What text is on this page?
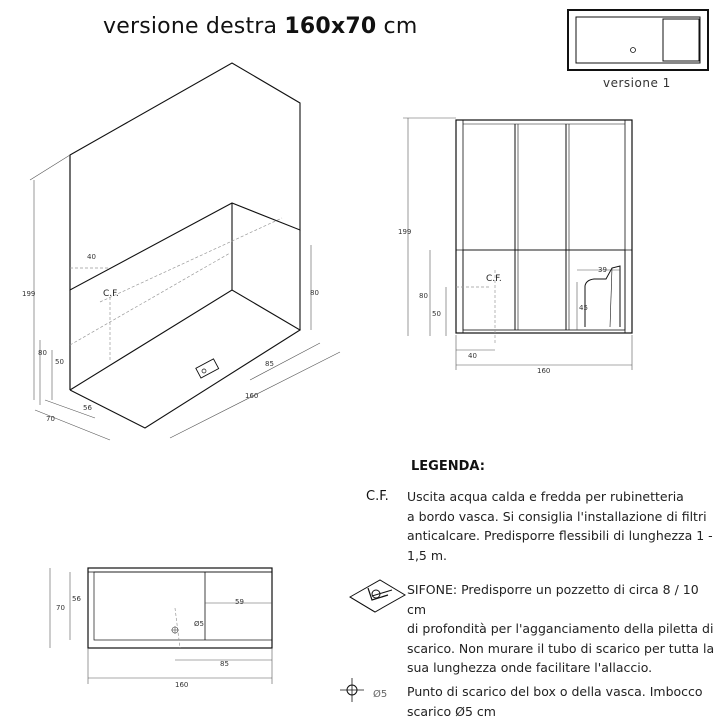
versione destra 160x70 cm
199
80
50
40
56
70
85
160
80
C.F.
199
80
50
40
160
39
45
C.F.
70
56	59
Ø5
85
160
Ø5
versione 1
LEGENDA:
C.F. Uscita acqua calda e fredda per rubinetteria
a bordo vasca. Si consiglia l'installazione di filtri
anticalcare. Predisporre flessibili di lunghezza 1 -
1,5 m.
SIFONE: Predisporre un pozzetto di circa 8 / 10 cm
di profondità per l'agganciamento della piletta di
scarico. Non murare il tubo di scarico per tutta la
sua lunghezza onde facilitare l'allaccio.
Punto di scarico del box o della vasca. Imbocco
scarico Ø5 cm
